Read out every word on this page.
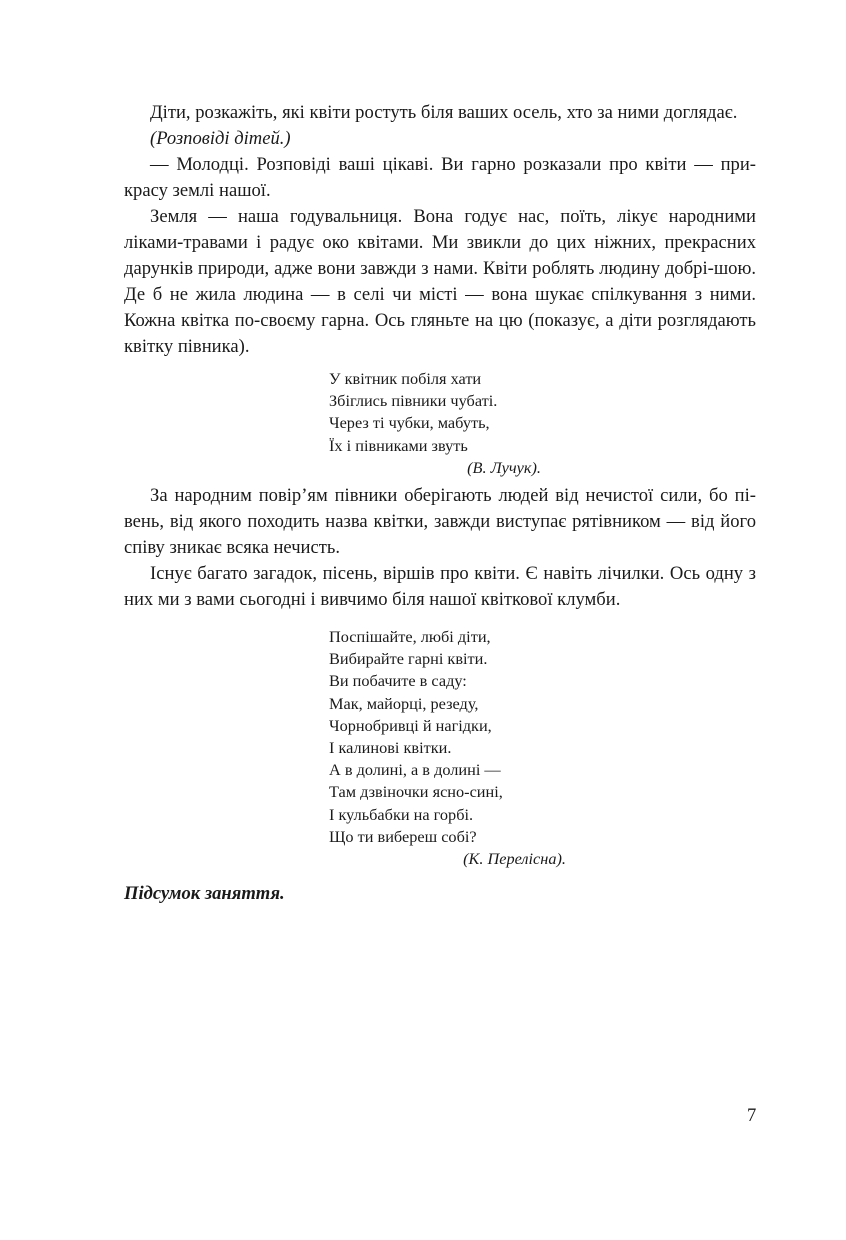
Діти, розкажіть, які квіти ростуть біля ваших осель, хто за ними доглядає.

(Розповіді дітей.)

— Молодці. Розповіді ваші цікаві. Ви гарно розказали про квіти — при-красу землі нашої.

Земля — наша годувальниця. Вона годує нас, поїть, лікує народними ліками-травами і радує око квітами. Ми звикли до цих ніжних, прекрасних дарунків природи, адже вони завжди з нами. Квіти роблять людину добрі-шою. Де б не жила людина — в селі чи місті — вона шукає спілкування з ними. Кожна квітка по-своєму гарна. Ось гляньте на цю (показує, а діти розглядають квітку півника).

У квітник побіля хати
Збіглись півники чубаті.
Через ті чубки, мабуть,
Їх і півниками звуть
(В. Лучук).

За народним повір’ям півники оберігають людей від нечистої сили, бо пі-вень, від якого походить назва квітки, завжди виступає рятівником — від його співу зникає всяка нечисть.

Існує багато загадок, пісень, віршів про квіти. Є навіть лічилки. Ось одну з них ми з вами сьогодні і вивчимо біля нашої квіткової клумби.

Поспішайте, любі діти,
Вибирайте гарні квіти.
Ви побачите в саду:
Мак, майорці, резеду,
Чорнобривці й нагідки,
І калинові квітки.
А в долині, а в долині —
Там дзвіночки ясно-сині,
І кульбабки на горбі.
Що ти вибереш собі?
(К. Перелісна).

Підсумок заняття.

7
